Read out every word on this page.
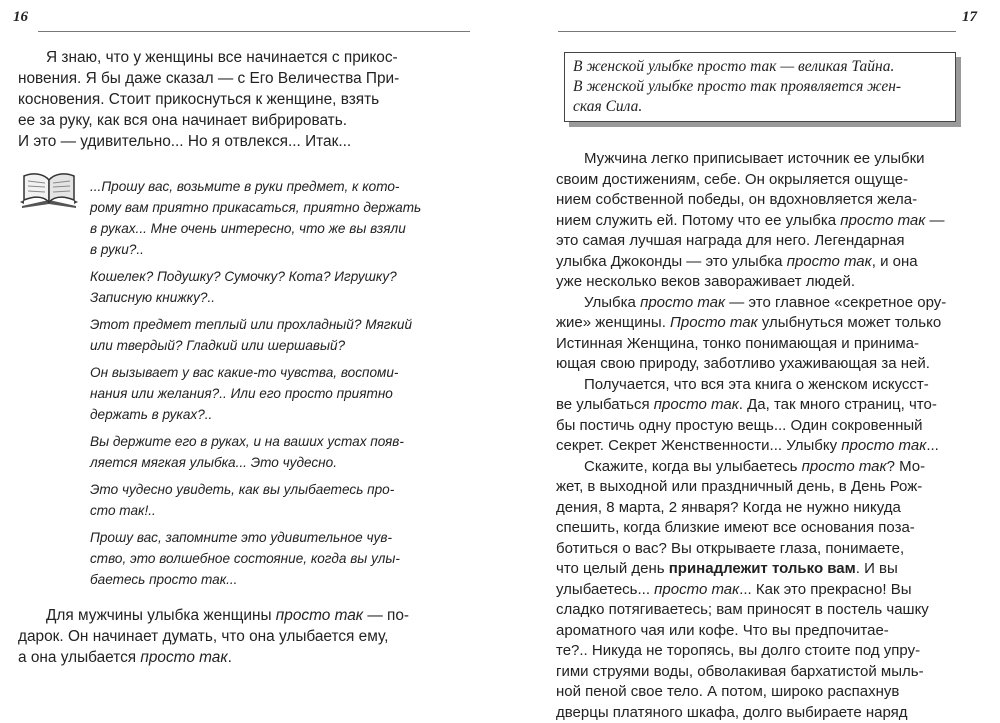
16
Я знаю, что у женщины все начинается с прикос-
новения. Я бы даже сказал — с Его Величества При-
косновения. Стоит прикоснуться к женщине, взять
ее за руку, как вся она начинает вибрировать.
И это — удивительно... Но я отвлекся... Итак...

...Прошу вас, возьмите в руки предмет, к кото-
рому вам приятно прикасаться, приятно держать
в руках... Мне очень интересно, что же вы взяли
в руки?..

Кошелек? Подушку? Сумочку? Кота? Игрушку?
Записную книжку?..

Этот предмет теплый или прохладный? Мягкий
или твердый? Гладкий или шершавый?

Он вызывает у вас какие-то чувства, воспоми-
нания или желания?.. Или его просто приятно
держать в руках?..

Вы держите его в руках, и на ваших устах появ-
ляется мягкая улыбка... Это чудесно.

Это чудесно увидеть, как вы улыбаетесь про-
сто так!..

Прошу вас, запомните это удивительное чув-
ство, это волшебное состояние, когда вы улы-
баетесь просто так...

Для мужчины улыбка женщины просто так — по-
дарок. Он начинает думать, что она улыбается ему,
а она улыбается просто так.
17
В женской улыбке просто так — великая Тайна.
В женской улыбке просто так проявляется жен-
ская Сила.
Мужчина легко приписывает источник ее улыбки
своим достижениям, себе. Он окрыляется ощуще-
нием собственной победы, он вдохновляется жела-
нием служить ей. Потому что ее улыбка просто так —
это самая лучшая награда для него. Легендарная
улыбка Джоконды — это улыбка просто так, и она
уже несколько веков завораживает людей.
Улыбка просто так — это главное «секретное ору-
жие» женщины. Просто так улыбнуться может только
Истинная Женщина, тонко понимающая и принима-
ющая свою природу, заботливо ухаживающая за ней.
Получается, что вся эта книга о женском искусст-
ве улыбаться просто так. Да, так много страниц, что-
бы постичь одну простую вещь... Один сокровенный
секрет. Секрет Женственности... Улыбку просто так...
Скажите, когда вы улыбаетесь просто так? Мо-
жет, в выходной или праздничный день, в День Рож-
дения, 8 марта, 2 января? Когда не нужно никуда
спешить, когда близкие имеют все основания поза-
ботиться о вас? Вы открываете глаза, понимаете,
что целый день принадлежит только вам. И вы
улыбаетесь... просто так... Как это прекрасно! Вы
сладко потягиваетесь; вам приносят в постель чашку
ароматного чая или кофе. Что вы предпочитае-
те?.. Никуда не торопясь, вы долго стоите под упру-
гими струями воды, обволакивая бархатистой мыль-
ной пеной свое тело. А потом, широко распахнув
дверцы платяного шкафа, долго выбираете наряд
